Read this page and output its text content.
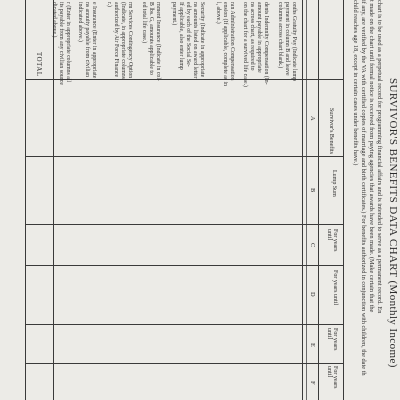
SURVIVOR'S BENEFITS DATA CHART (Monthly Income)
chart is to be used as a perpetual record for programming financial affairs and is intended to serve as a permanent record. En
t made on the chart until formal notice is received from paying agencies that awards have been made. (Make certain that the
if any, are verified by the VA with certified copies of marriage and birth certificates.) For benefits authorized in conjunction with children, the date th
child reaches age 18, except in certain cases under benefits have.)
Survivor's Benefits
Lump Sum
For years until
For years until
For years until
For years until
A
B
C
D
E
F
onths Gratuity Pay (Indicate lump
payment in column B and leave
columns across chart blank.)
dents Indemnity Compensation (In-
amount payable in appropriate
ns across chart, as required to
on the chart for a survived life case.)
ran Administration Compensation
ension (If applicable, complete as in
l, above.)
Security (Indicate in appropriate
ns amounts listed on award letter
ed by each of the Social Se-
If applicable, also enter lump
payment.)
rnment Insurance (Indicate in col-
B lbs. G, amounts applicable to
ed total life case.)
rm Services Contingency Option
(Indicate, in appropriate columns
authorized by Air Force Finance
r.)
e Insurance (Enter in appropriate
ns annuity payable from civilian
indicated above.)
r (Enter in appropriate columns all
its payable from any civilian source
dicated above.)
TOTAL
